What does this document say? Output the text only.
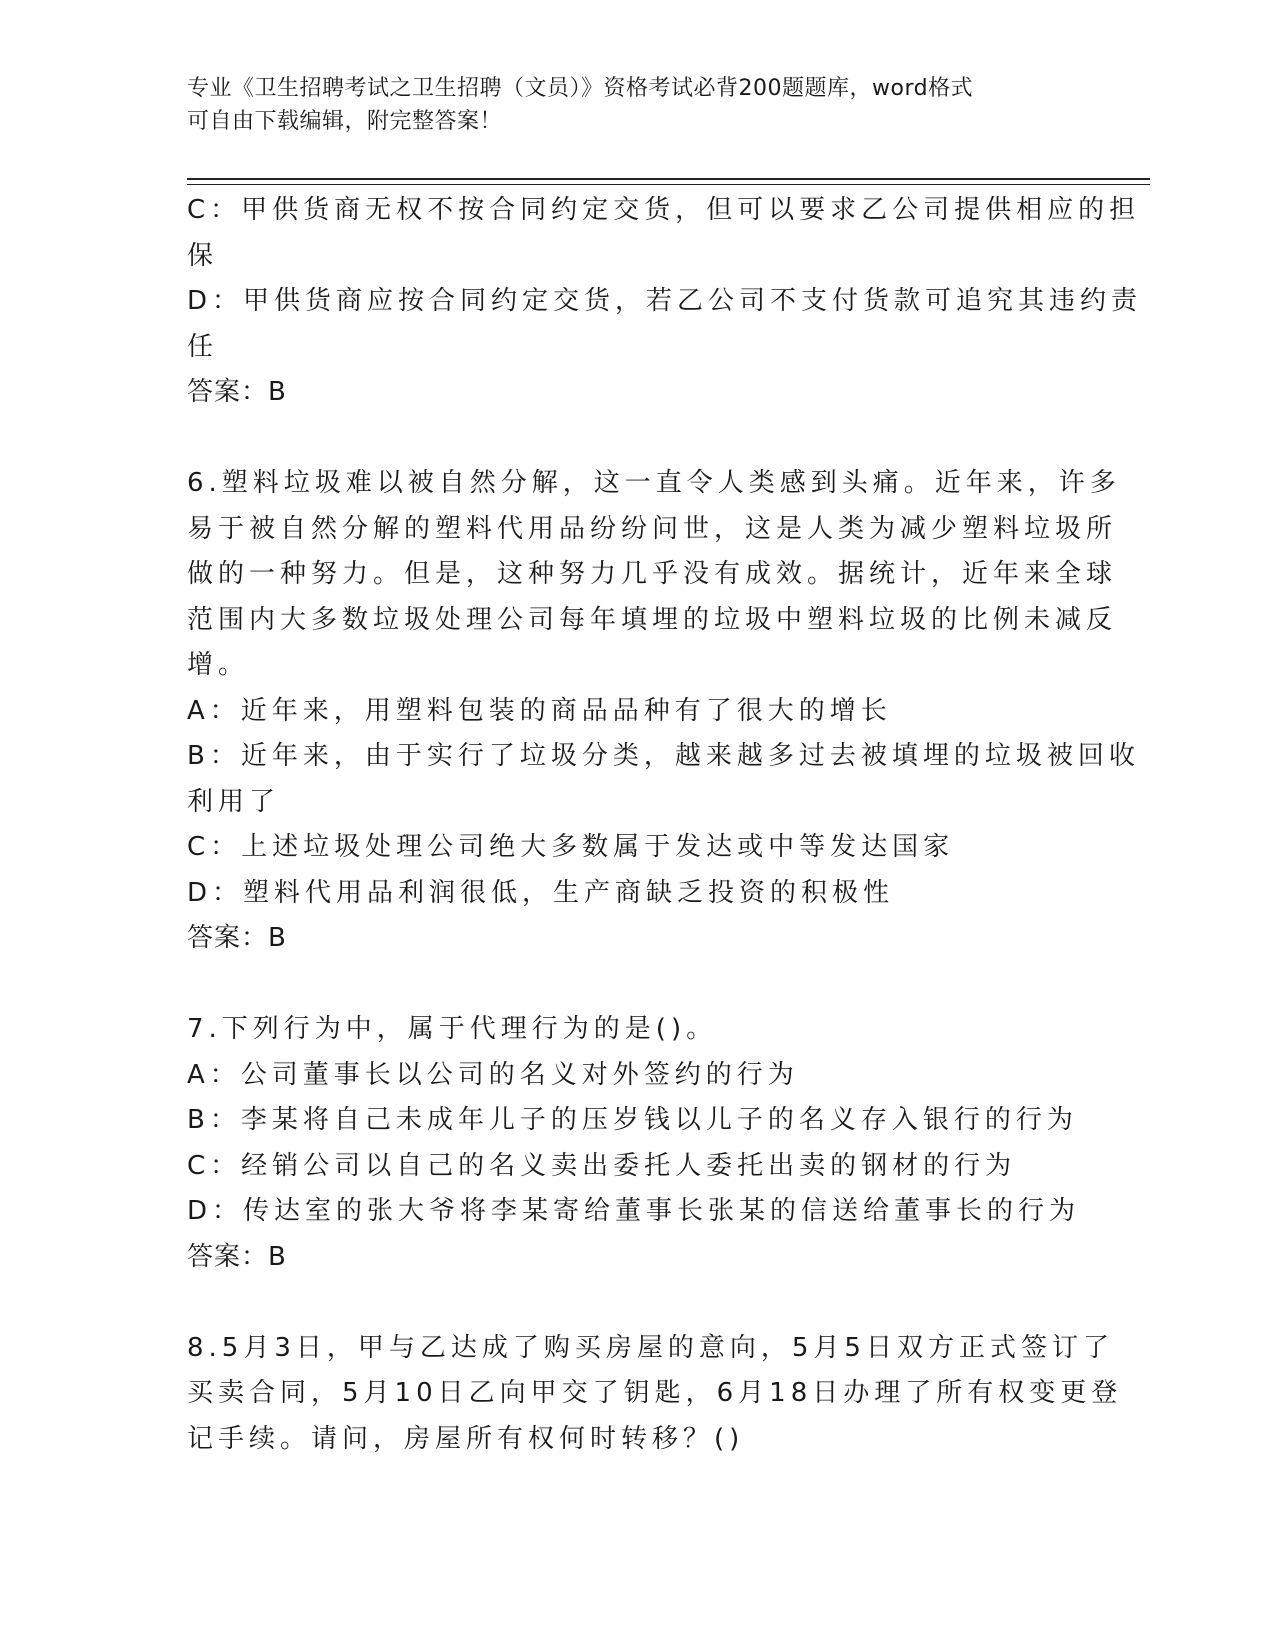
专业《卫生招聘考试之卫生招聘（文员）》资格考试必背200题题库，word格式
可自由下载编辑，附完整答案！
C：甲供货商无权不按合同约定交货，但可以要求乙公司提供相应的担
保
D：甲供货商应按合同约定交货，若乙公司不支付货款可追究其违约责
任
答案：B
6.塑料垃圾难以被自然分解，这一直令人类感到头痛。近年来，许多
易于被自然分解的塑料代用品纷纷问世，这是人类为减少塑料垃圾所
做的一种努力。但是，这种努力几乎没有成效。据统计，近年来全球
范围内大多数垃圾处理公司每年填埋的垃圾中塑料垃圾的比例未减反
增。
A：近年来，用塑料包装的商品品种有了很大的增长
B：近年来，由于实行了垃圾分类，越来越多过去被填埋的垃圾被回收
利用了
C：上述垃圾处理公司绝大多数属于发达或中等发达国家
D：塑料代用品利润很低，生产商缺乏投资的积极性
答案：B
7.下列行为中，属于代理行为的是()。
A：公司董事长以公司的名义对外签约的行为
B：李某将自己未成年儿子的压岁钱以儿子的名义存入银行的行为
C：经销公司以自己的名义卖出委托人委托出卖的钢材的行为
D：传达室的张大爷将李某寄给董事长张某的信送给董事长的行为
答案：B
8.5月3日，甲与乙达成了购买房屋的意向，5月5日双方正式签订了
买卖合同，5月10日乙向甲交了钥匙，6月18日办理了所有权变更登
记手续。请问，房屋所有权何时转移？()
